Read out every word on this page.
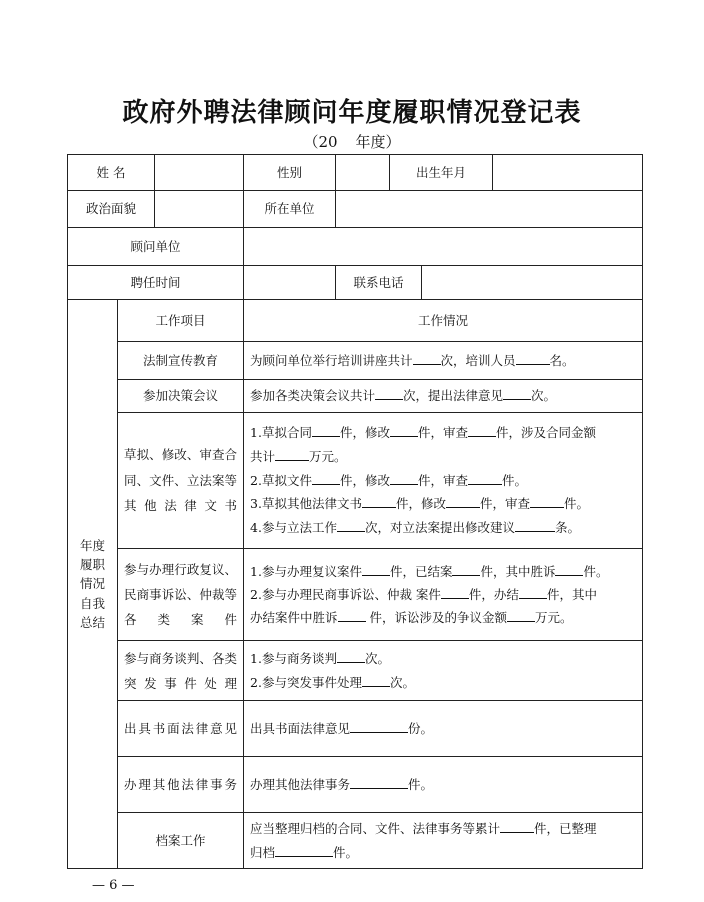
政府外聘法律顾问年度履职情况登记表
（20 年度）
姓 名			性别		出生年月		
政治面貌			所在单位				
顾问单位							
聘任时间				联系电话			
年度履职情况自我总结	工作项目		工作情况				
	法制宣传教育		为顾问单位举行培训讲座共计 次，培训人员 名。				
	参加决策会议		参加各类决策会议共计 次，提出法律意见 次。				
	草拟、修改、审查合同、文件、立法案等其他法律文书		1.草拟合同 件，修改 件，审查 件，涉及合同金额
共计 万元。
2.草拟文件 件，修改 件，审查 件。
3.草拟其他法律文书 件，修改 件，审查 件。
4.参与立法工作 次，对立法案提出修改建议 条。				

	参与办理行政复议、民商事诉讼、仲裁等各类案件		1.参与办理复议案件 件，已结案 件，其中胜诉 件。
2.参与办理民商事诉讼、仲裁 案件 件，办结 件，其中
办结案件中胜诉 件，诉讼涉及的争议金额 万元。				

	参与商务谈判、各类突发事件处理		1.参与商务谈判 次。
2.参与突发事件处理 次。				

	出具书面法律意见		出具书面法律意见 份。				
	办理其他法律事务		办理其他法律事务 件。				
	档案工作		应当整理归档的合同、文件、法律事务等累计 件，已整理
归档 件。				
— 6 —
